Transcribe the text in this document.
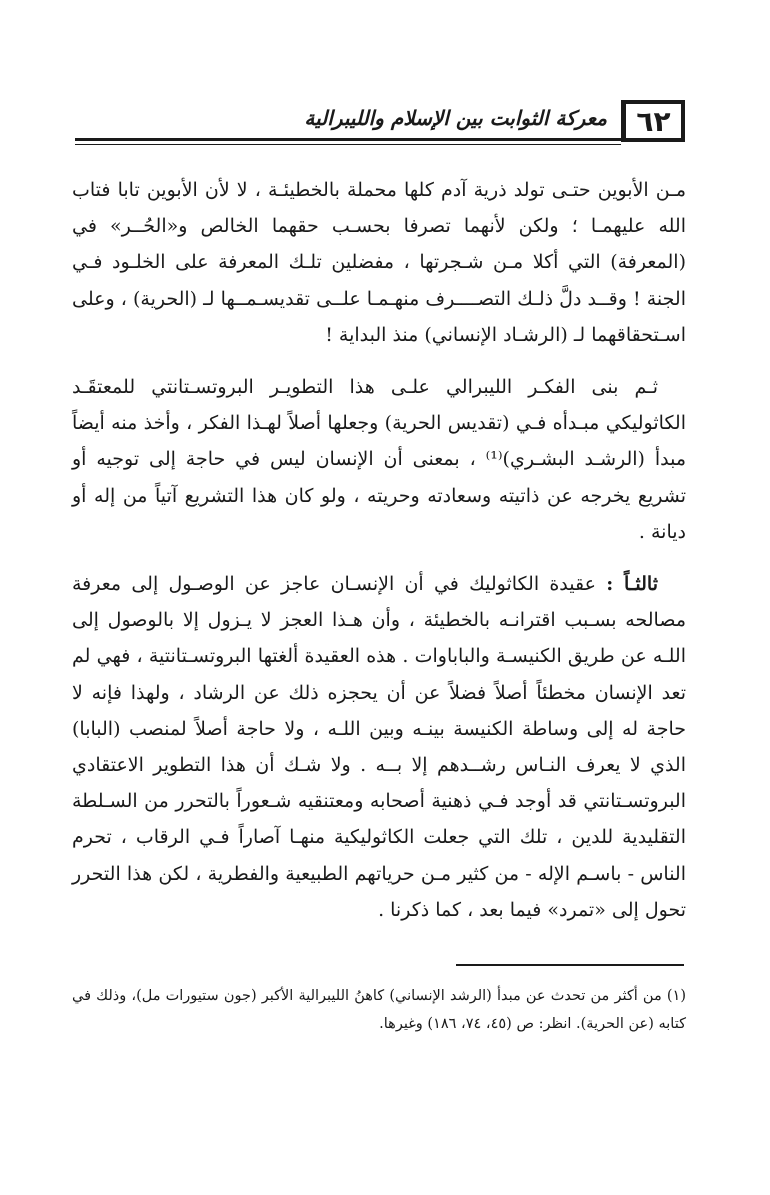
٦٢
معركة الثوابت بين الإسلام والليبرالية

مـن الأبوين حتـى تولد ذرية آدم كلها محملة بالخطيئـة ، لا لأن الأبوين تابا فتاب الله عليهمـا ؛ ولكن لأنهما تصرفا بحسـب حقهما الخالص و«الحُــر» في (المعرفة) التي أكلا مـن شـجرتها ، مفضلين تلـك المعرفة على الخلـود فـي الجنة ! وقــد دلَّ ذلـك التصــــرف منهـمـا علــى تقديسـمــها لـ (الحرية) ، وعلى اسـتحقاقهما لـ (الرشـاد الإنساني) منذ البداية !

ثـم بنى الفكـر الليبرالي علـى هذا التطويـر البروتسـتانتي للمعتقَـد الكاثوليكي مبـدأه فـي (تقديس الحرية) وجعلها أصلاً لهـذا الفكر ، وأخذ منه أيضاً مبدأ (الرشـد البشـري)⁽¹⁾ ، بمعنى أن الإنسان ليس في حاجة إلى توجيه أو تشريع يخرجه عن ذاتيته وسعادته وحريته ، ولو كان هذا التشريع آتياً من إله أو ديانة .

ثالثـاً : عقيدة الكاثوليك في أن الإنسـان عاجز عن الوصـول إلى معرفة مصالحه بسـبب اقترانـه بالخطيئة ، وأن هـذا العجز لا يـزول إلا بالوصول إلى اللـه عن طريق الكنيسـة والباباوات . هذه العقيدة ألغتها البروتسـتانتية ، فهي لم تعد الإنسان مخطئاً أصلاً فضلاً عن أن يحجزه ذلك عن الرشاد ، ولهذا فإنه لا حاجة له إلى وساطة الكنيسة بينـه وبين اللـه ، ولا حاجة أصلاً لمنصب (البابا) الذي لا يعرف النـاس رشــدهم إلا بــه . ولا شـك أن هذا التطوير الاعتقادي البروتسـتانتي قد أوجد فـي ذهنية أصحابه ومعتنقيه شـعوراً بالتحرر من السـلطة التقليدية للدين ، تلك التي جعلت الكاثوليكية منهـا آصاراً فـي الرقاب ، تحرم الناس - باسـم الإله - من كثير مـن حرياتهم الطبيعية والفطرية ، لكن هذا التحرر تحول إلى «تمرد» فيما بعد ، كما ذكرنا .

(١) من أكثر من تحدث عن مبدأ (الرشد الإنساني) كاهنُ الليبرالية الأكبر (جون ستيورات مل)، وذلك في كتابه (عن الحرية). انظر: ص (٤٥، ٧٤، ١٨٦) وغيرها.
